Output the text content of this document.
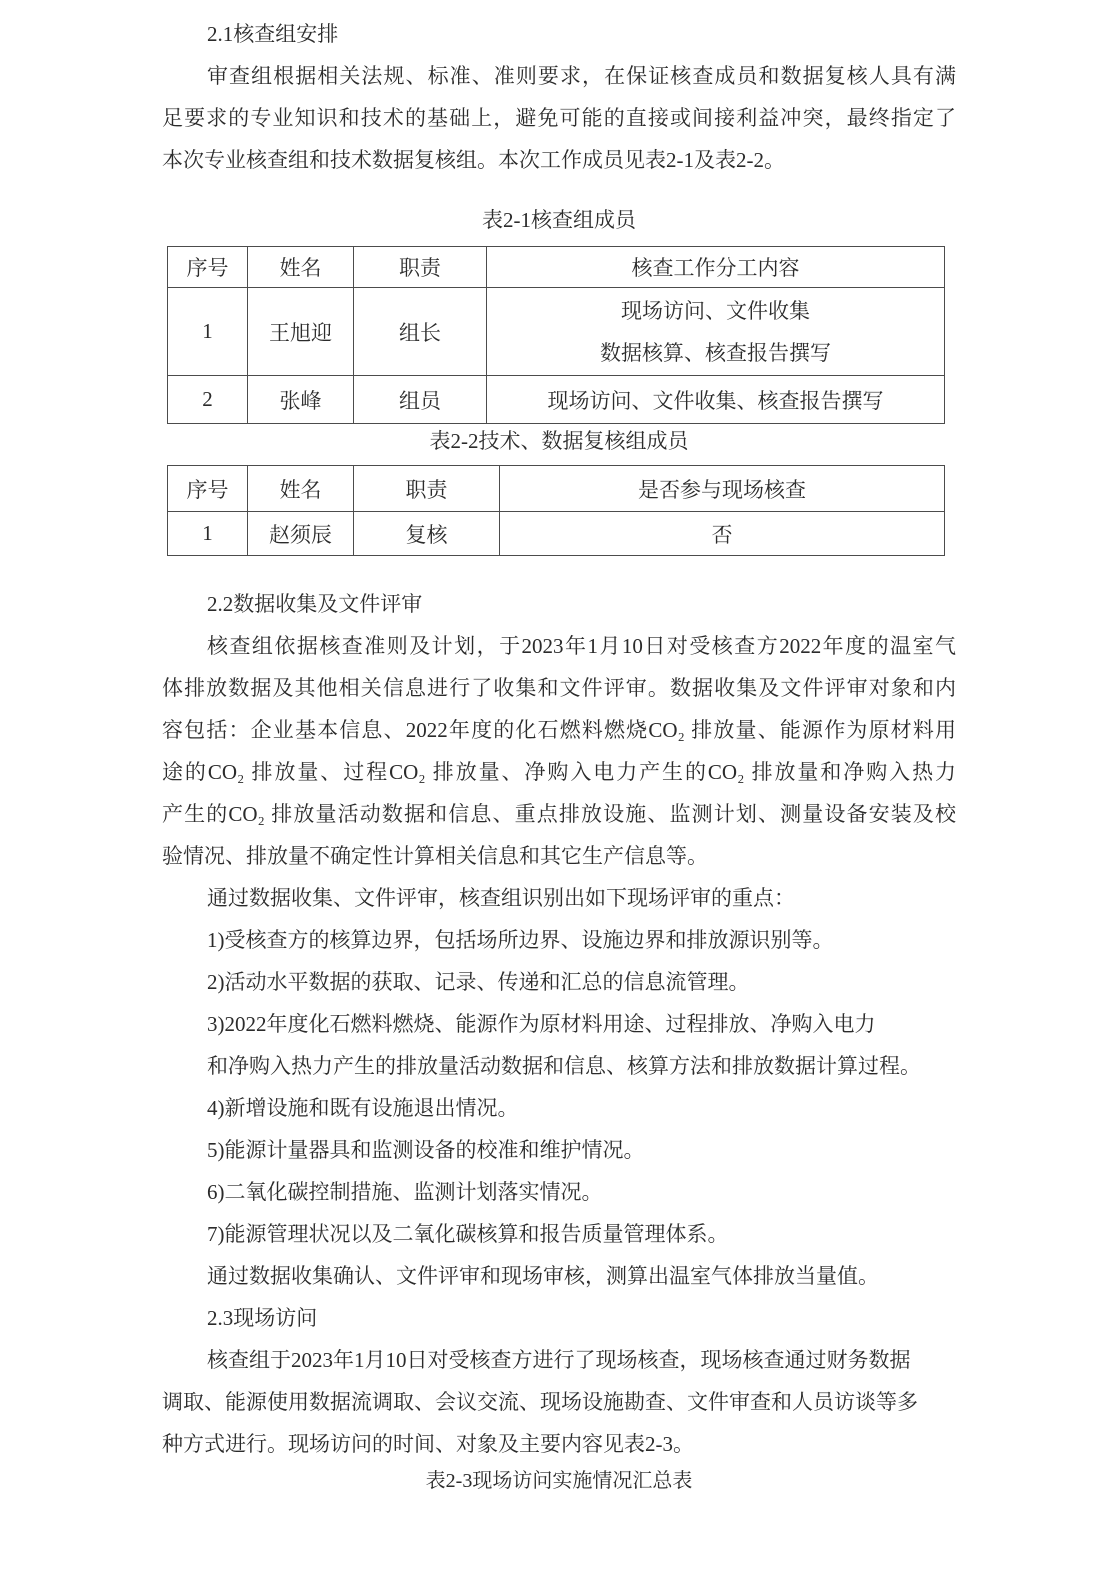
2.1核查组安排
审查组根据相关法规、标准、准则要求，在保证核查成员和数据复核人具有满
足要求的专业知识和技术的基础上，避免可能的直接或间接利益冲突，最终指定了
本次专业核查组和技术数据复核组。本次工作成员见表2-1及表2-2。
表2-1核查组成员
序号	姓名	职责	核查工作分工内容
1	王旭迎	组长	现场访问、文件收集
数据核算、核查报告撰写

2	张峰	组员	现场访问、文件收集、核查报告撰写
表2-2技术、数据复核组成员
序号	姓名	职责	是否参与现场核查
1	赵须辰	复核	否
2.2数据收集及文件评审
核查组依据核查准则及计划，于2023年1月10日对受核查方2022年度的温室气
体排放数据及其他相关信息进行了收集和文件评审。数据收集及文件评审对象和内
容包括：企业基本信息、2022年度的化石燃料燃烧CO₂ 排放量、能源作为原材料用
途的CO₂ 排放量、过程CO₂ 排放量、净购入电力产生的CO₂ 排放量和净购入热力
产生的CO₂ 排放量活动数据和信息、重点排放设施、监测计划、测量设备安装及校
验情况、排放量不确定性计算相关信息和其它生产信息等。
通过数据收集、文件评审，核查组识别出如下现场评审的重点：
1)受核查方的核算边界，包括场所边界、设施边界和排放源识别等。
2)活动水平数据的获取、记录、传递和汇总的信息流管理。
3)2022年度化石燃料燃烧、能源作为原材料用途、过程排放、净购入电力
和净购入热力产生的排放量活动数据和信息、核算方法和排放数据计算过程。
4)新增设施和既有设施退出情况。
5)能源计量器具和监测设备的校准和维护情况。
6)二氧化碳控制措施、监测计划落实情况。
7)能源管理状况以及二氧化碳核算和报告质量管理体系。
通过数据收集确认、文件评审和现场审核，测算出温室气体排放当量值。
2.3现场访问
核查组于2023年1月10日对受核查方进行了现场核查，现场核查通过财务数据
调取、能源使用数据流调取、会议交流、现场设施勘查、文件审查和人员访谈等多
种方式进行。现场访问的时间、对象及主要内容见表2-3。
表2-3现场访问实施情况汇总表
